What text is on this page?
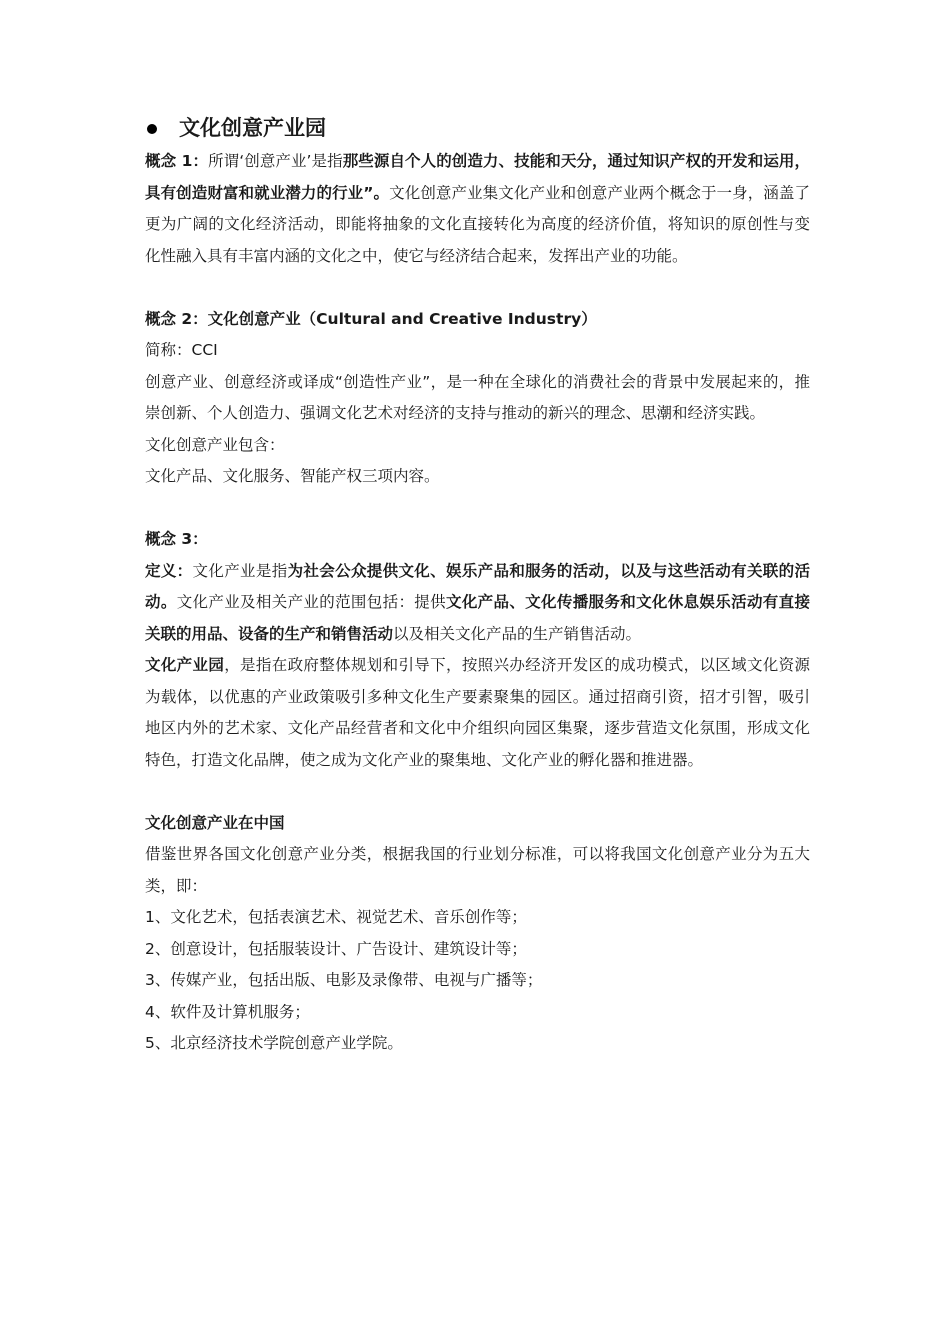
文化创意产业园

概念 1：所谓‘创意产业’是指那些源自个人的创造力、技能和天分，通过知识产权的开发和运用，具有创造财富和就业潜力的行业”。文化创意产业集文化产业和创意产业两个概念于一身，涵盖了更为广阔的文化经济活动，即能将抽象的文化直接转化为高度的经济价值，将知识的原创性与变化性融入具有丰富内涵的文化之中，使它与经济结合起来，发挥出产业的功能。

概念 2：文化创意产业（Cultural and Creative Industry）

简称：CCI

创意产业、创意经济或译成“创造性产业”，是一种在全球化的消费社会的背景中发展起来的，推崇创新、个人创造力、强调文化艺术对经济的支持与推动的新兴的理念、思潮和经济实践。

文化创意产业包含：

文化产品、文化服务、智能产权三项内容。

概念 3：

定义：文化产业是指为社会公众提供文化、娱乐产品和服务的活动，以及与这些活动有关联的活动。文化产业及相关产业的范围包括：提供文化产品、文化传播服务和文化休息娱乐活动有直接关联的用品、设备的生产和销售活动以及相关文化产品的生产销售活动。

文化产业园，是指在政府整体规划和引导下，按照兴办经济开发区的成功模式，以区域文化资源为载体，以优惠的产业政策吸引多种文化生产要素聚集的园区。通过招商引资，招才引智，吸引地区内外的艺术家、文化产品经营者和文化中介组织向园区集聚，逐步营造文化氛围，形成文化特色，打造文化品牌，使之成为文化产业的聚集地、文化产业的孵化器和推进器。

文化创意产业在中国

借鉴世界各国文化创意产业分类，根据我国的行业划分标准，可以将我国文化创意产业分为五大类，即：

1、文化艺术，包括表演艺术、视觉艺术、音乐创作等；

2、创意设计，包括服装设计、广告设计、建筑设计等；

3、传媒产业，包括出版、电影及录像带、电视与广播等；

4、软件及计算机服务；

5、北京经济技术学院创意产业学院。
